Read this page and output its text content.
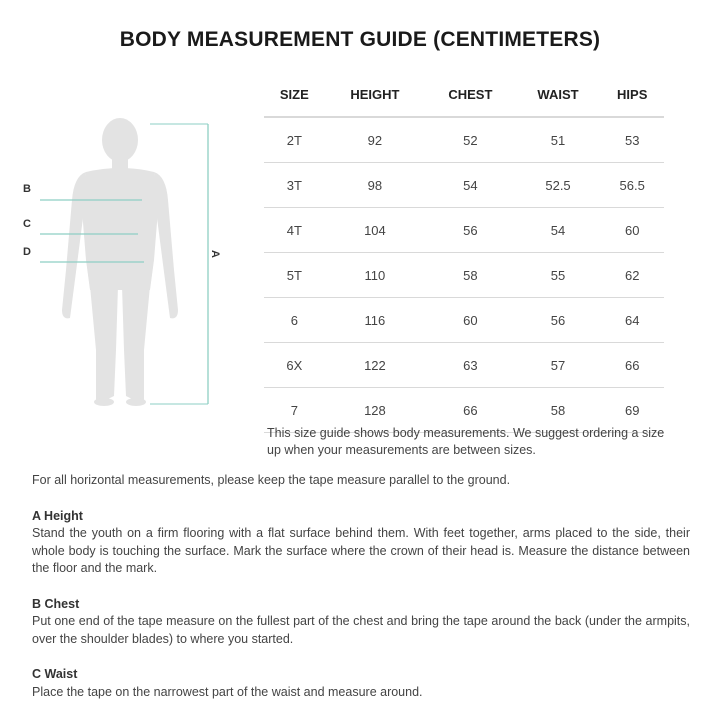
BODY MEASUREMENT GUIDE (CENTIMETERS)
B
C
D	A
SIZE	HEIGHT	CHEST	WAIST	HIPS
2T	92	52	51	53
3T	98	54	52.5	56.5
4T	104	56	54	60
5T	110	58	55	62
6	116	60	56	64
6X	122	63	57	66
7	128	66	58	69
This size guide shows body measurements. We suggest ordering a size up when your measurements are between sizes.

For all horizontal measurements, please keep the tape measure parallel to the ground.

A Height

Stand the youth on a firm flooring with a flat surface behind them. With feet together, arms placed to the side, their whole body is touching the surface. Mark the surface where the crown of their head is. Measure the distance between the floor and the mark.

B Chest

Put one end of the tape measure on the fullest part of the chest and bring the tape around the back (under the armpits, over the shoulder blades) to where you started.

C Waist

Place the tape on the narrowest part of the waist and measure around.
